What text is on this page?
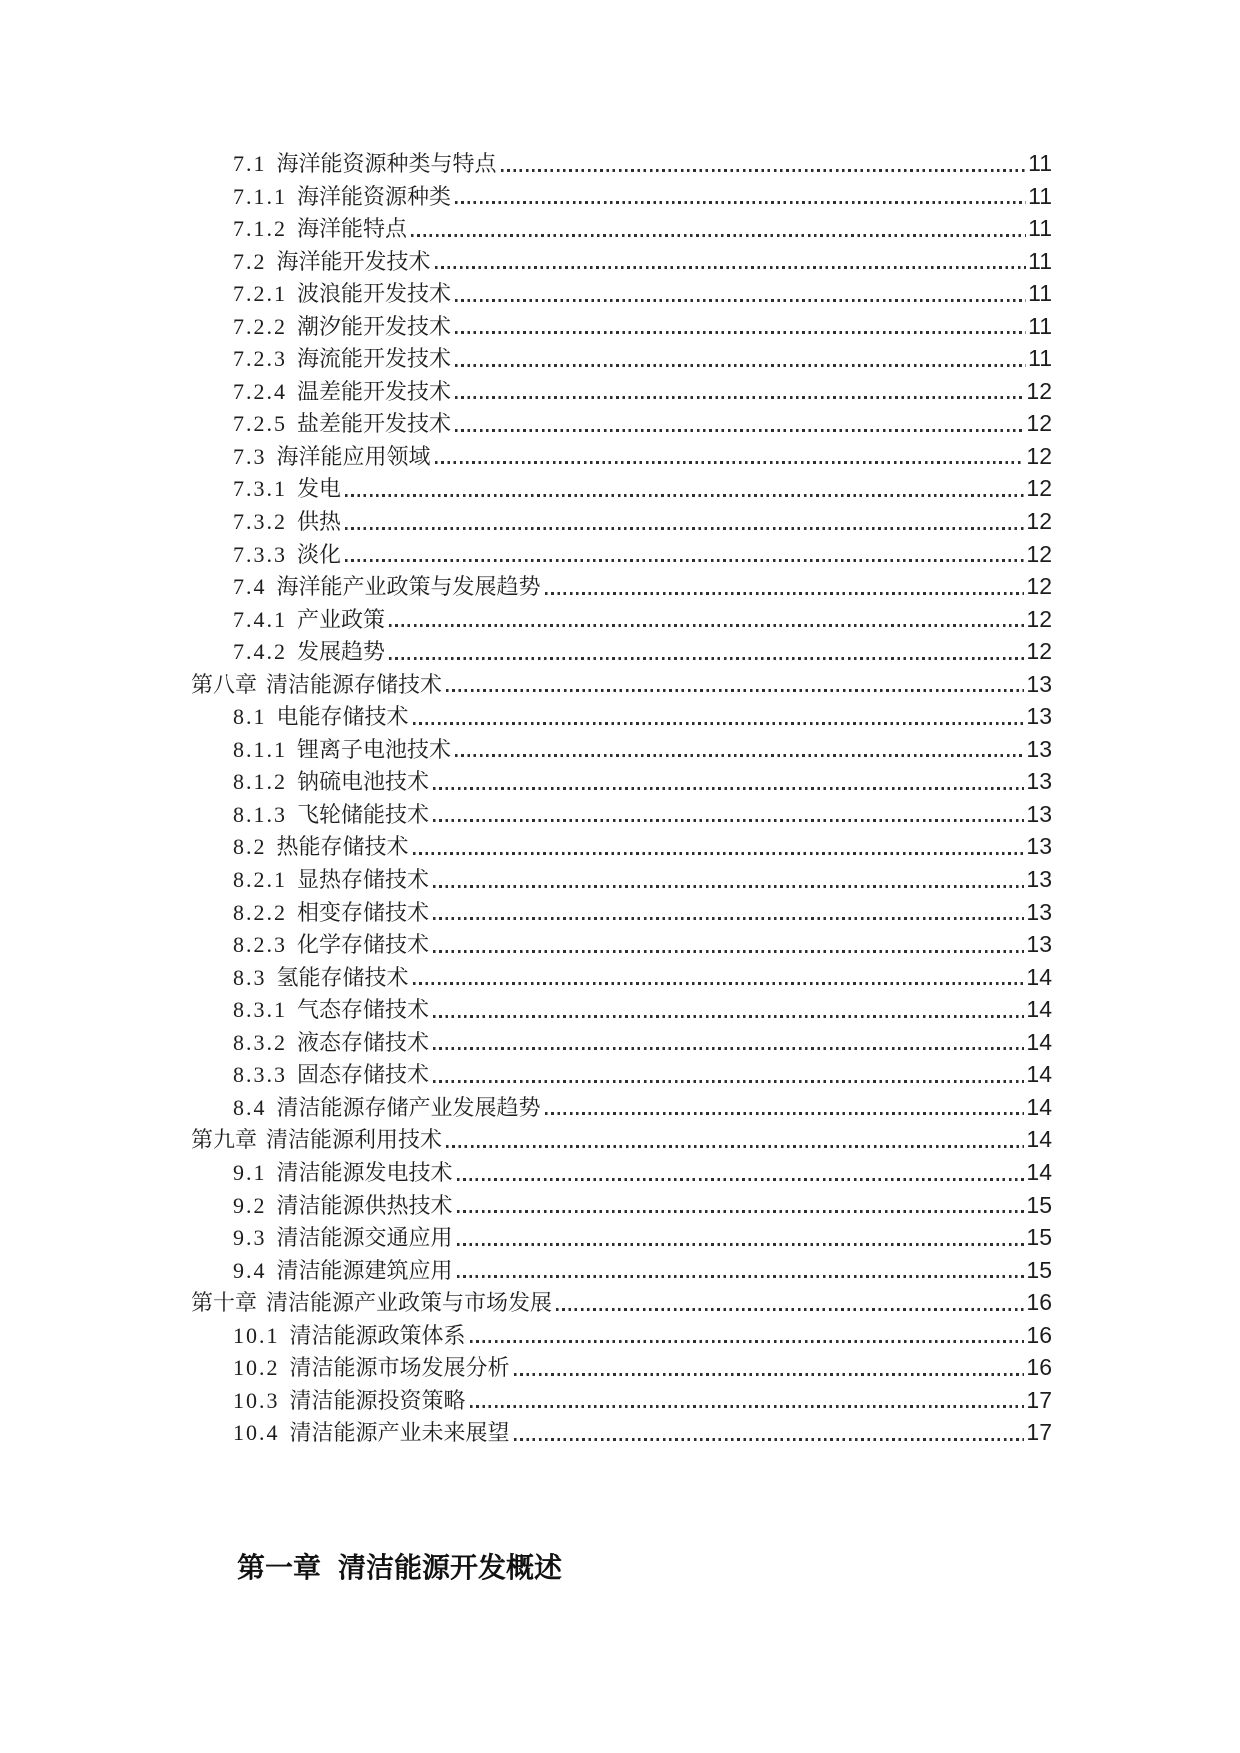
7.1 海洋能资源种类与特点	11
7.1.1 海洋能资源种类	11
7.1.2 海洋能特点	11
7.2 海洋能开发技术	11
7.2.1 波浪能开发技术	11
7.2.2 潮汐能开发技术	11
7.2.3 海流能开发技术	11
7.2.4 温差能开发技术	12
7.2.5 盐差能开发技术	12
7.3 海洋能应用领域	12
7.3.1 发电	12
7.3.2 供热	12
7.3.3 淡化	12
7.4 海洋能产业政策与发展趋势	12
7.4.1 产业政策	12
7.4.2 发展趋势	12
第八章 清洁能源存储技术	13
8.1 电能存储技术	13
8.1.1 锂离子电池技术	13
8.1.2 钠硫电池技术	13
8.1.3 飞轮储能技术	13
8.2 热能存储技术	13
8.2.1 显热存储技术	13
8.2.2 相变存储技术	13
8.2.3 化学存储技术	13
8.3 氢能存储技术	14
8.3.1 气态存储技术	14
8.3.2 液态存储技术	14
8.3.3 固态存储技术	14
8.4 清洁能源存储产业发展趋势	14
第九章 清洁能源利用技术	14
9.1 清洁能源发电技术	14
9.2 清洁能源供热技术	15
9.3 清洁能源交通应用	15
9.4 清洁能源建筑应用	15
第十章 清洁能源产业政策与市场发展	16
10.1 清洁能源政策体系	16
10.2 清洁能源市场发展分析	16
10.3 清洁能源投资策略	17
10.4 清洁能源产业未来展望	17
第一章 清洁能源开发概述
